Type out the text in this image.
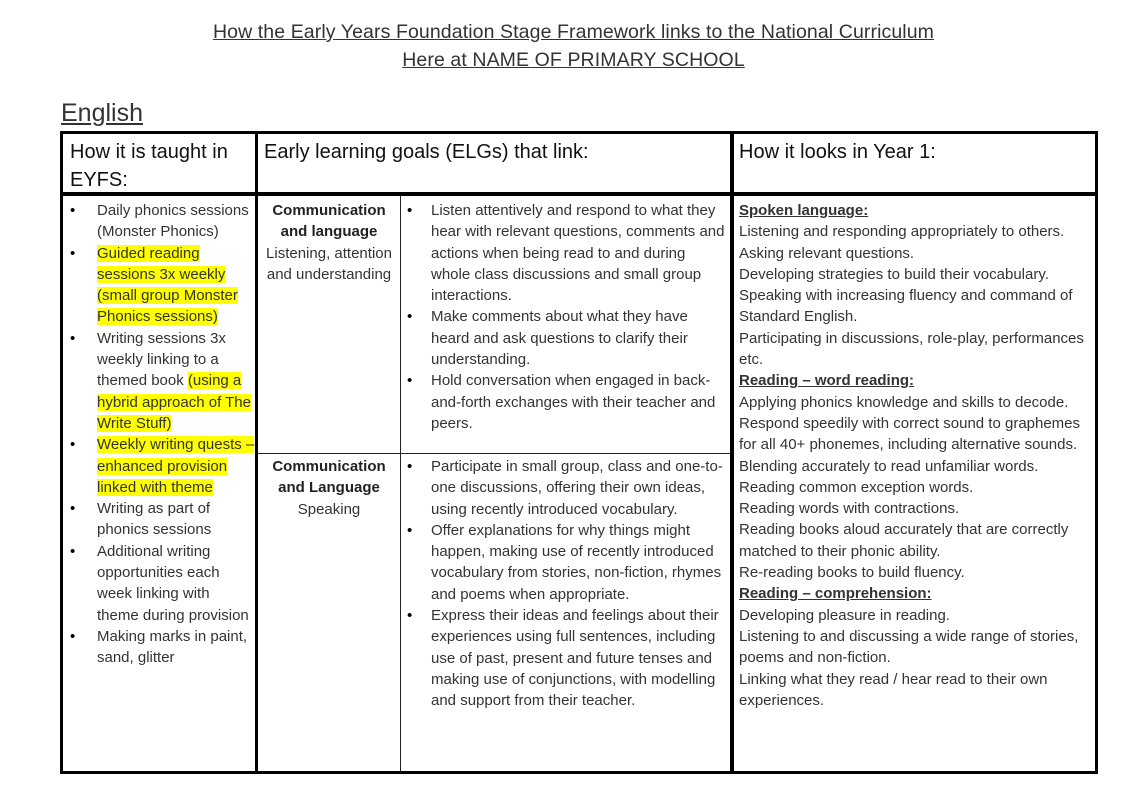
How the Early Years Foundation Stage Framework links to the National Curriculum
Here at NAME OF PRIMARY SCHOOL
English
How it is taught in EYFS:
Early learning goals (ELGs) that link:	How it looks in Year 1:
• Daily phonics sessions (Monster Phonics)
• Guided reading sessions 3x weekly (small group Monster Phonics sessions)
• Writing sessions 3x weekly linking to a themed book (using a hybrid approach of The Write Stuff)
• Weekly writing quests – enhanced provision linked with theme
• Writing as part of phonics sessions
• Additional writing opportunities each week linking with theme during provision
• Making marks in paint, sand, glitter
Communication and language
Listening, attention and understanding
• Listen attentively and respond to what they hear with relevant questions, comments and actions when being read to and during whole class discussions and small group interactions.
• Make comments about what they have heard and ask questions to clarify their understanding.
• Hold conversation when engaged in back-and-forth exchanges with their teacher and peers.
Communication and Language
Speaking
• Participate in small group, class and one-to-one discussions, offering their own ideas, using recently introduced vocabulary.
• Offer explanations for why things might happen, making use of recently introduced vocabulary from stories, non-fiction, rhymes and poems when appropriate.
• Express their ideas and feelings about their experiences using full sentences, including use of past, present and future tenses and making use of conjunctions, with modelling and support from their teacher.
Spoken language:

Listening and responding appropriately to others.

Asking relevant questions.

Developing strategies to build their vocabulary.

Speaking with increasing fluency and command of Standard English.

Participating in discussions, role-play, performances etc.

Reading – word reading:

Applying phonics knowledge and skills to decode.

Respond speedily with correct sound to graphemes for all 40+ phonemes, including alternative sounds.

Blending accurately to read unfamiliar words.

Reading common exception words.

Reading words with contractions.

Reading books aloud accurately that are correctly matched to their phonic ability.

Re-reading books to build fluency.

Reading – comprehension:

Developing pleasure in reading.

Listening to and discussing a wide range of stories, poems and non-fiction.

Linking what they read / hear read to their own experiences.
